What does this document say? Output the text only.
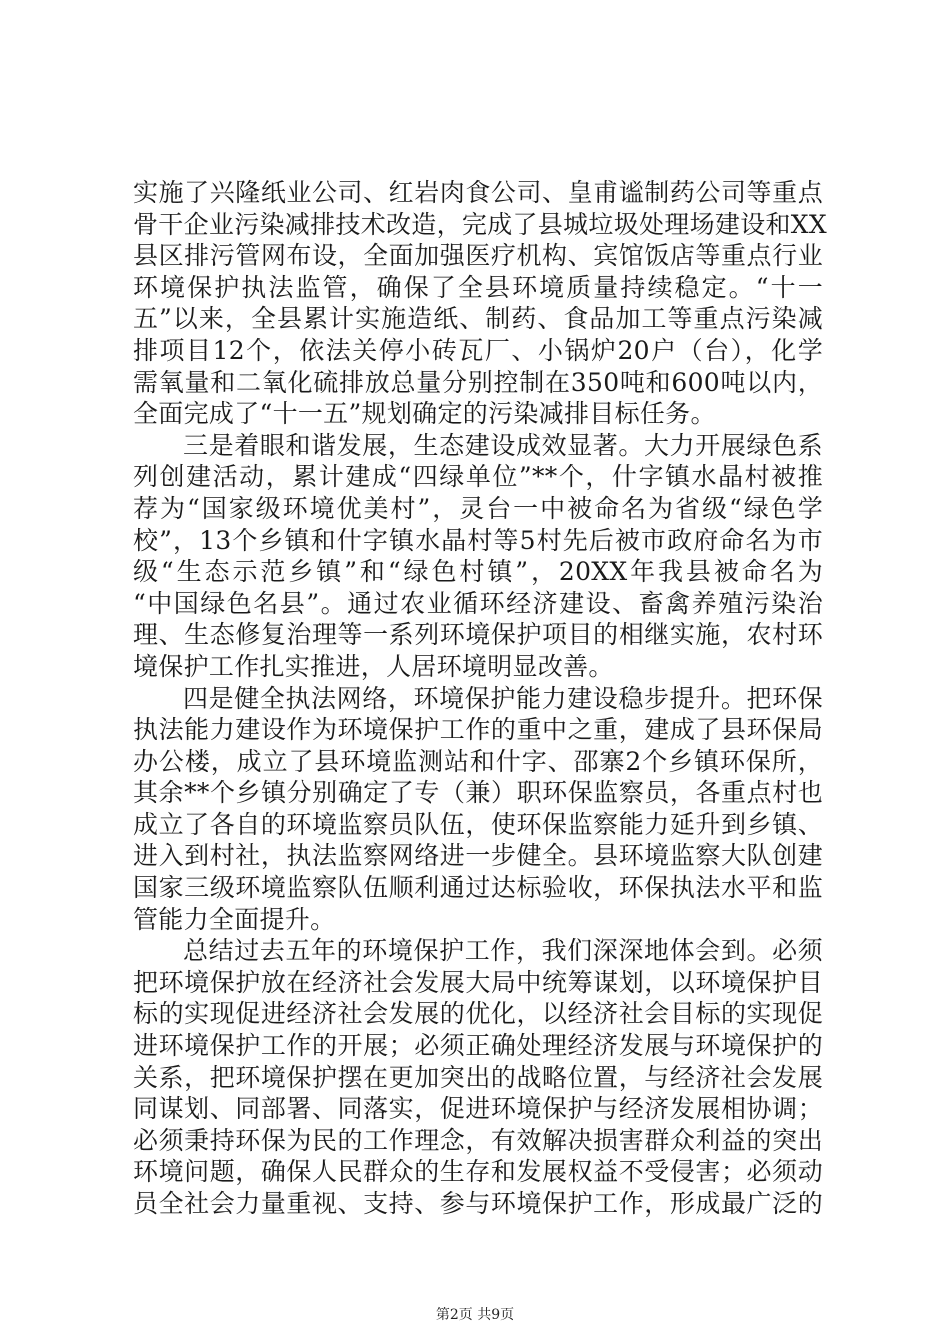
实施了兴隆纸业公司、红岩肉食公司、皇甫谧制药公司等重点
骨干企业污染减排技术改造，完成了县城垃圾处理场建设和XX
县区排污管网布设，全面加强医疗机构、宾馆饭店等重点行业
环境保护执法监管，确保了全县环境质量持续稳定。“十一
五”以来，全县累计实施造纸、制药、食品加工等重点污染减
排项目12个，依法关停小砖瓦厂、小锅炉20户（台），化学
需氧量和二氧化硫排放总量分别控制在350吨和600吨以内，
全面完成了“十一五”规划确定的污染减排目标任务。
三是着眼和谐发展，生态建设成效显著。大力开展绿色系
列创建活动，累计建成“四绿单位”**个，什字镇水晶村被推
荐为“国家级环境优美村”，灵台一中被命名为省级“绿色学
校”，13个乡镇和什字镇水晶村等5村先后被市政府命名为市
级“生态示范乡镇”和“绿色村镇”，20XX年我县被命名为
“中国绿色名县”。通过农业循环经济建设、畜禽养殖污染治
理、生态修复治理等一系列环境保护项目的相继实施，农村环
境保护工作扎实推进，人居环境明显改善。
四是健全执法网络，环境保护能力建设稳步提升。把环保
执法能力建设作为环境保护工作的重中之重，建成了县环保局
办公楼，成立了县环境监测站和什字、邵寨2个乡镇环保所，
其余**个乡镇分别确定了专（兼）职环保监察员，各重点村也
成立了各自的环境监察员队伍，使环保监察能力延升到乡镇、
进入到村社，执法监察网络进一步健全。县环境监察大队创建
国家三级环境监察队伍顺利通过达标验收，环保执法水平和监
管能力全面提升。
总结过去五年的环境保护工作，我们深深地体会到。必须
把环境保护放在经济社会发展大局中统筹谋划，以环境保护目
标的实现促进经济社会发展的优化，以经济社会目标的实现促
进环境保护工作的开展；必须正确处理经济发展与环境保护的
关系，把环境保护摆在更加突出的战略位置，与经济社会发展
同谋划、同部署、同落实，促进环境保护与经济发展相协调；
必须秉持环保为民的工作理念，有效解决损害群众利益的突出
环境问题，确保人民群众的生存和发展权益不受侵害；必须动
员全社会力量重视、支持、参与环境保护工作，形成最广泛的
第2页 共9页
